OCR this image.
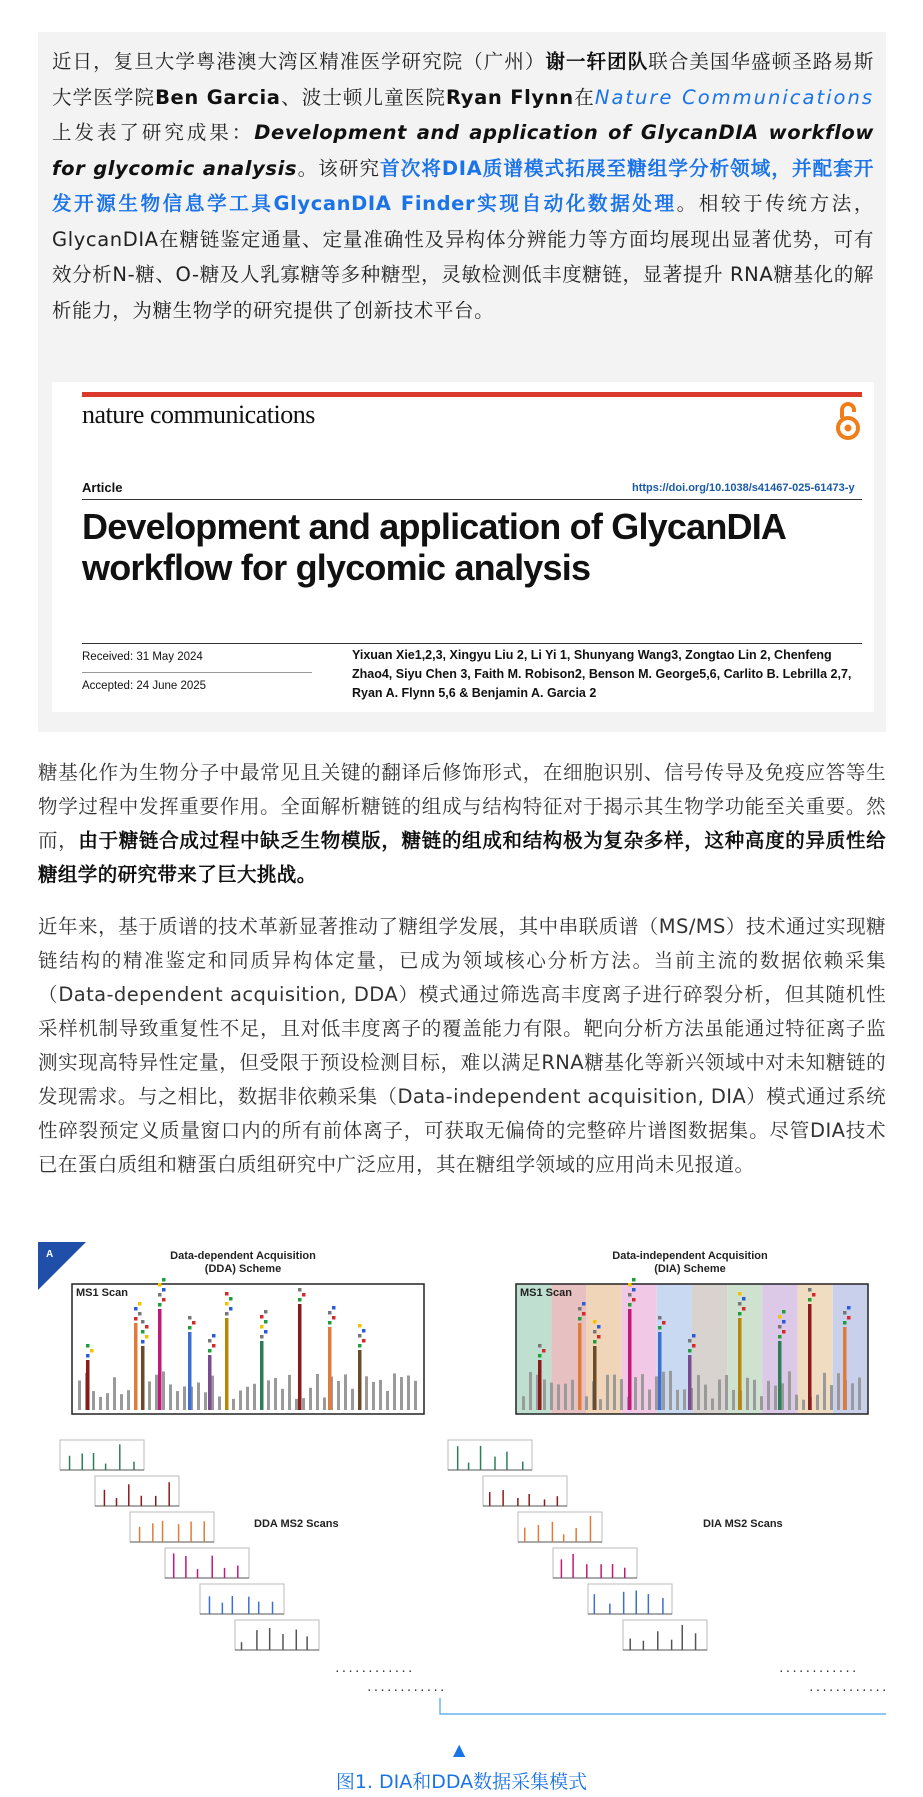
近日，复旦大学粤港澳大湾区精准医学研究院（广州）谢一轩团队联合美国华盛顿圣路易斯大学医学院Ben Garcia、波士顿儿童医院Ryan Flynn在Nature Communications上发表了研究成果：Development and application of GlycanDIA workflow for glycomic analysis。该研究首次将DIA质谱模式拓展至糖组学分析领域，并配套开发开源生物信息学工具GlycanDIA Finder实现自动化数据处理。相较于传统方法，GlycanDIA在糖链鉴定通量、定量准确性及异构体分辨能力等方面均展现出显著优势，可有效分析N-糖、O-糖及人乳寡糖等多种糖型，灵敏检测低丰度糖链，显著提升 RNA糖基化的解析能力，为糖生物学的研究提供了创新技术平台。
nature communications
Article	https://doi.org/10.1038/s41467-025-61473-y
Development and application of GlycanDIA workflow for glycomic analysis
Received: 31 May 2024
Accepted: 24 June 2025
Yixuan Xie1,2,3, Xingyu Liu 2, Li Yi 1, Shunyang Wang3, Zongtao Lin 2, Chenfeng Zhao4, Siyu Chen 3, Faith M. Robison2, Benson M. George5,6, Carlito B. Lebrilla 2,7, Ryan A. Flynn 5,6 & Benjamin A. Garcia 2

糖基化作为生物分子中最常见且关键的翻译后修饰形式，在细胞识别、信号传导及免疫应答等生物学过程中发挥重要作用。全面解析糖链的组成与结构特征对于揭示其生物学功能至关重要。然而，由于糖链合成过程中缺乏生物模版，糖链的组成和结构极为复杂多样，这种高度的异质性给糖组学的研究带来了巨大挑战。

近年来，基于质谱的技术革新显著推动了糖组学发展，其中串联质谱（MS/MS）技术通过实现糖链结构的精准鉴定和同质异构体定量，已成为领域核心分析方法。当前主流的数据依赖采集（Data-dependent acquisition, DDA）模式通过筛选高丰度离子进行碎裂分析，但其随机性采样机制导致重复性不足，且对低丰度离子的覆盖能力有限。靶向分析方法虽能通过特征离子监测实现高特异性定量，但受限于预设检测目标，难以满足RNA糖基化等新兴领域中对未知糖链的发现需求。与之相比，数据非依赖采集（Data-independent acquisition, DIA）模式通过系统性碎裂预定义质量窗口内的所有前体离子，可获取无偏倚的完整碎片谱图数据集。尽管DIA技术已在蛋白质组和糖蛋白质组研究中广泛应用，其在糖组学领域的应用尚未见报道。

A	Data-dependent Acquisition
(DDA) Scheme
Data-independent Acquisition
(DIA) Scheme
MS1 Scan	MS1 Scan
DDA MS2 Scans	DIA MS2 Scans
............
............
............
............
▲
图1. DIA和DDA数据采集模式
